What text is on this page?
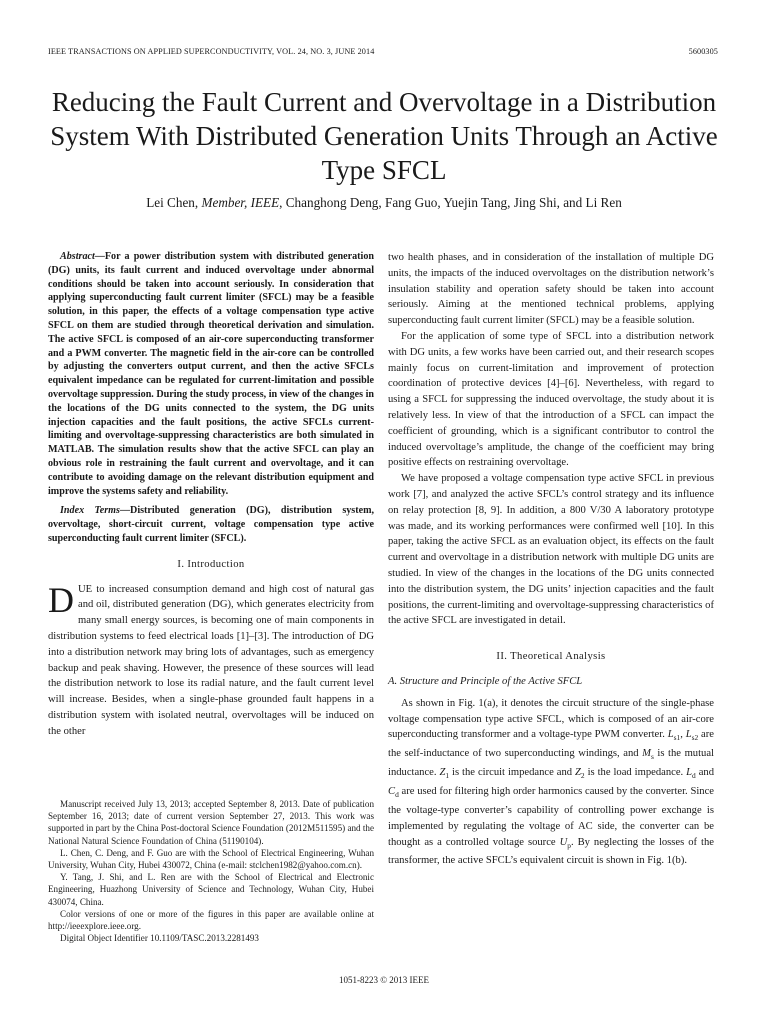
IEEE TRANSACTIONS ON APPLIED SUPERCONDUCTIVITY, VOL. 24, NO. 3, JUNE 2014	5600305
Reducing the Fault Current and Overvoltage in a Distribution System With Distributed Generation Units Through an Active Type SFCL
Lei Chen, Member, IEEE, Changhong Deng, Fang Guo, Yuejin Tang, Jing Shi, and Li Ren

Abstract—For a power distribution system with distributed generation (DG) units, its fault current and induced overvoltage under abnormal conditions should be taken into account seriously. In consideration that applying superconducting fault current limiter (SFCL) may be a feasible solution, in this paper, the effects of a voltage compensation type active SFCL on them are studied through theoretical derivation and simulation. The active SFCL is composed of an air-core superconducting transformer and a PWM converter. The magnetic field in the air-core can be controlled by adjusting the converters output current, and then the active SFCLs equivalent impedance can be regulated for current-limitation and possible overvoltage suppression. During the study process, in view of the changes in the locations of the DG units connected to the system, the DG units injection capacities and the fault positions, the active SFCLs current-limiting and overvoltage-suppressing characteristics are both simulated in MATLAB. The simulation results show that the active SFCL can play an obvious role in restraining the fault current and overvoltage, and it can contribute to avoiding damage on the relevant distribution equipment and improve the systems safety and reliability.

Index Terms—Distributed generation (DG), distribution system, overvoltage, short-circuit current, voltage compensation type active superconducting fault current limiter (SFCL).

I. Introduction

DUE to increased consumption demand and high cost of natural gas and oil, distributed generation (DG), which generates electricity from many small energy sources, is becoming one of main components in distribution systems to feed electrical loads [1]–[3]. The introduction of DG into a distribution network may bring lots of advantages, such as emergency backup and peak shaving. However, the presence of these sources will lead the distribution network to lose its radial nature, and the fault current level will increase. Besides, when a single-phase grounded fault happens in a distribution system with isolated neutral, overvoltages will be induced on the other

Manuscript received July 13, 2013; accepted September 8, 2013. Date of publication September 16, 2013; date of current version September 27, 2013. This work was supported in part by the China Post-doctoral Science Foundation (2012M511595) and the National Natural Science Foundation of China (51190104).

L. Chen, C. Deng, and F. Guo are with the School of Electrical Engineering, Wuhan University, Wuhan City, Hubei 430072, China (e-mail: stclchen1982@yahoo.com.cn).

Y. Tang, J. Shi, and L. Ren are with the School of Electrical and Electronic Engineering, Huazhong University of Science and Technology, Wuhan City, Hubei 430074, China.

Color versions of one or more of the figures in this paper are available online at http://ieeexplore.ieee.org.

Digital Object Identifier 10.1109/TASC.2013.2281493

two health phases, and in consideration of the installation of multiple DG units, the impacts of the induced overvoltages on the distribution network’s insulation stability and operation safety should be taken into account seriously. Aiming at the mentioned technical problems, applying superconducting fault current limiter (SFCL) may be a feasible solution.

For the application of some type of SFCL into a distribution network with DG units, a few works have been carried out, and their research scopes mainly focus on current-limitation and improvement of protection coordination of protective devices [4]–[6]. Nevertheless, with regard to using a SFCL for suppressing the induced overvoltage, the study about it is relatively less. In view of that the introduction of a SFCL can impact the coefficient of grounding, which is a significant contributor to control the induced overvoltage’s amplitude, the change of the coefficient may bring positive effects on restraining overvoltage.

We have proposed a voltage compensation type active SFCL in previous work [7], and analyzed the active SFCL’s control strategy and its influence on relay protection [8, 9]. In addition, a 800 V/30 A laboratory prototype was made, and its working performances were confirmed well [10]. In this paper, taking the active SFCL as an evaluation object, its effects on the fault current and overvoltage in a distribution network with multiple DG units are studied. In view of the changes in the locations of the DG units connected into the distribution system, the DG units’ injection capacities and the fault positions, the current-limiting and overvoltage-suppressing characteristics of the active SFCL are investigated in detail.

II. Theoretical Analysis
A. Structure and Principle of the Active SFCL

As shown in Fig. 1(a), it denotes the circuit structure of the single-phase voltage compensation type active SFCL, which is composed of an air-core superconducting transformer and a voltage-type PWM converter. $L_{s1}$, $L_{s2}$ are the self-inductance of two superconducting windings, and $M_s$ is the mutual inductance. $Z_1$ is the circuit impedance and $Z_2$ is the load impedance. $L_d$ and $C_d$ are used for filtering high order harmonics caused by the converter. Since the voltage-type converter’s capability of controlling power exchange is implemented by regulating the voltage of AC side, the converter can be thought as a controlled voltage source $U_p$. By neglecting the losses of the transformer, the active SFCL’s equivalent circuit is shown in Fig. 1(b).

1051-8223 © 2013 IEEE
